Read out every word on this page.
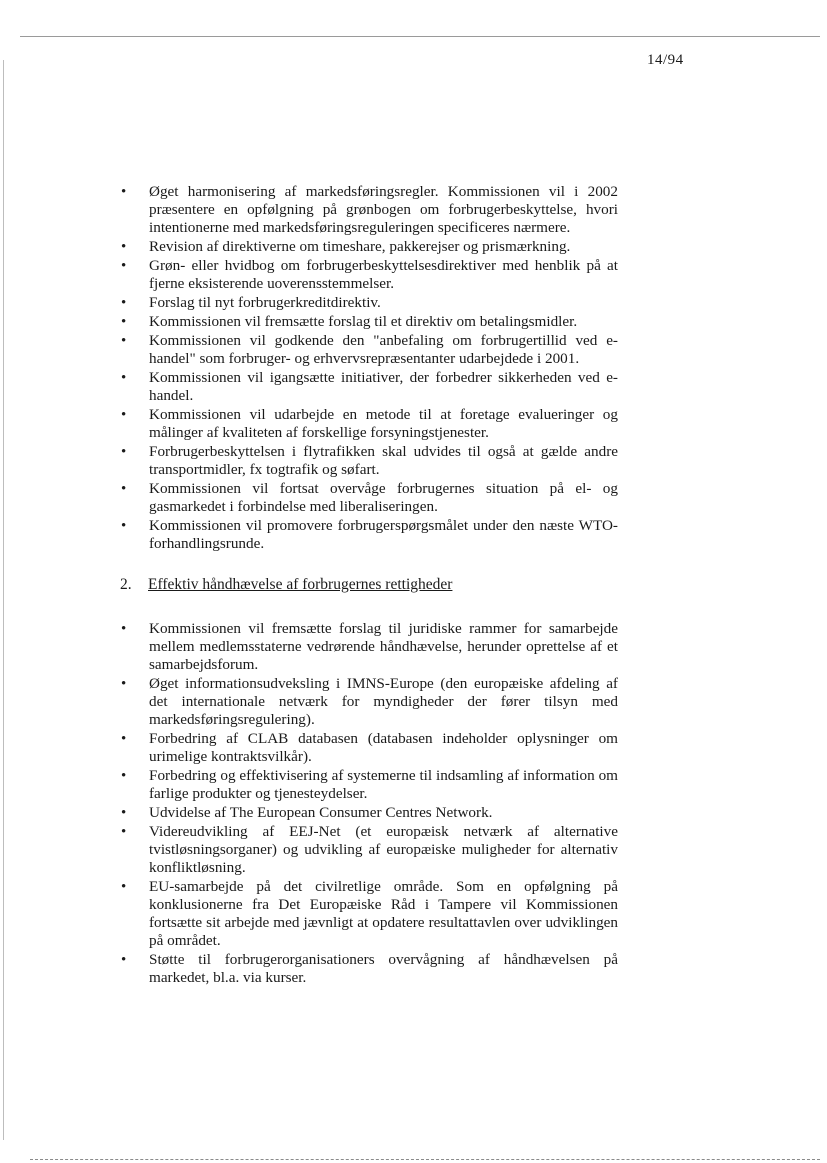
14/94
• Øget harmonisering af markedsføringsregler. Kommissionen vil i 2002 præsentere en opfølgning på grønbogen om forbrugerbeskyttelse, hvori intentionerne med markedsføringsreguleringen specificeres nærmere.
• Revision af direktiverne om timeshare, pakkerejser og prismærkning.
• Grøn- eller hvidbog om forbrugerbeskyttelsesdirektiver med henblik på at fjerne eksisterende uoverensstemmelser.
• Forslag til nyt forbrugerkreditdirektiv.
• Kommissionen vil fremsætte forslag til et direktiv om betalingsmidler.
• Kommissionen vil godkende den "anbefaling om forbrugertillid ved e-handel" som forbruger- og erhvervsrepræsentanter udarbejdede i 2001.
• Kommissionen vil igangsætte initiativer, der forbedrer sikkerheden ved e-handel.
• Kommissionen vil udarbejde en metode til at foretage evalueringer og målinger af kvaliteten af forskellige forsyningstjenester.
• Forbrugerbeskyttelsen i flytrafikken skal udvides til også at gælde andre transportmidler, fx togtrafik og søfart.
• Kommissionen vil fortsat overvåge forbrugernes situation på el- og gasmarkedet i forbindelse med liberaliseringen.
• Kommissionen vil promovere forbrugerspørgsmålet under den næste WTO-forhandlingsrunde.
2. Effektiv håndhævelse af forbrugernes rettigheder
• Kommissionen vil fremsætte forslag til juridiske rammer for samarbejde mellem medlemsstaterne vedrørende håndhævelse, herunder oprettelse af et samarbejdsforum.
• Øget informationsudveksling i IMNS-Europe (den europæiske afdeling af det internationale netværk for myndigheder der fører tilsyn med markedsføringsregulering).
• Forbedring af CLAB databasen (databasen indeholder oplysninger om urimelige kontraktsvilkår).
• Forbedring og effektivisering af systemerne til indsamling af information om farlige produkter og tjenesteydelser.
• Udvidelse af The European Consumer Centres Network.
• Videreudvikling af EEJ-Net (et europæisk netværk af alternative tvistløsningsorganer) og udvikling af europæiske muligheder for alternativ konfliktløsning.
• EU-samarbejde på det civilretlige område. Som en opfølgning på konklusionerne fra Det Europæiske Råd i Tampere vil Kommissionen fortsætte sit arbejde med jævnligt at opdatere resultattavlen over udviklingen på området.
• Støtte til forbrugerorganisationers overvågning af håndhævelsen på markedet, bl.a. via kurser.
